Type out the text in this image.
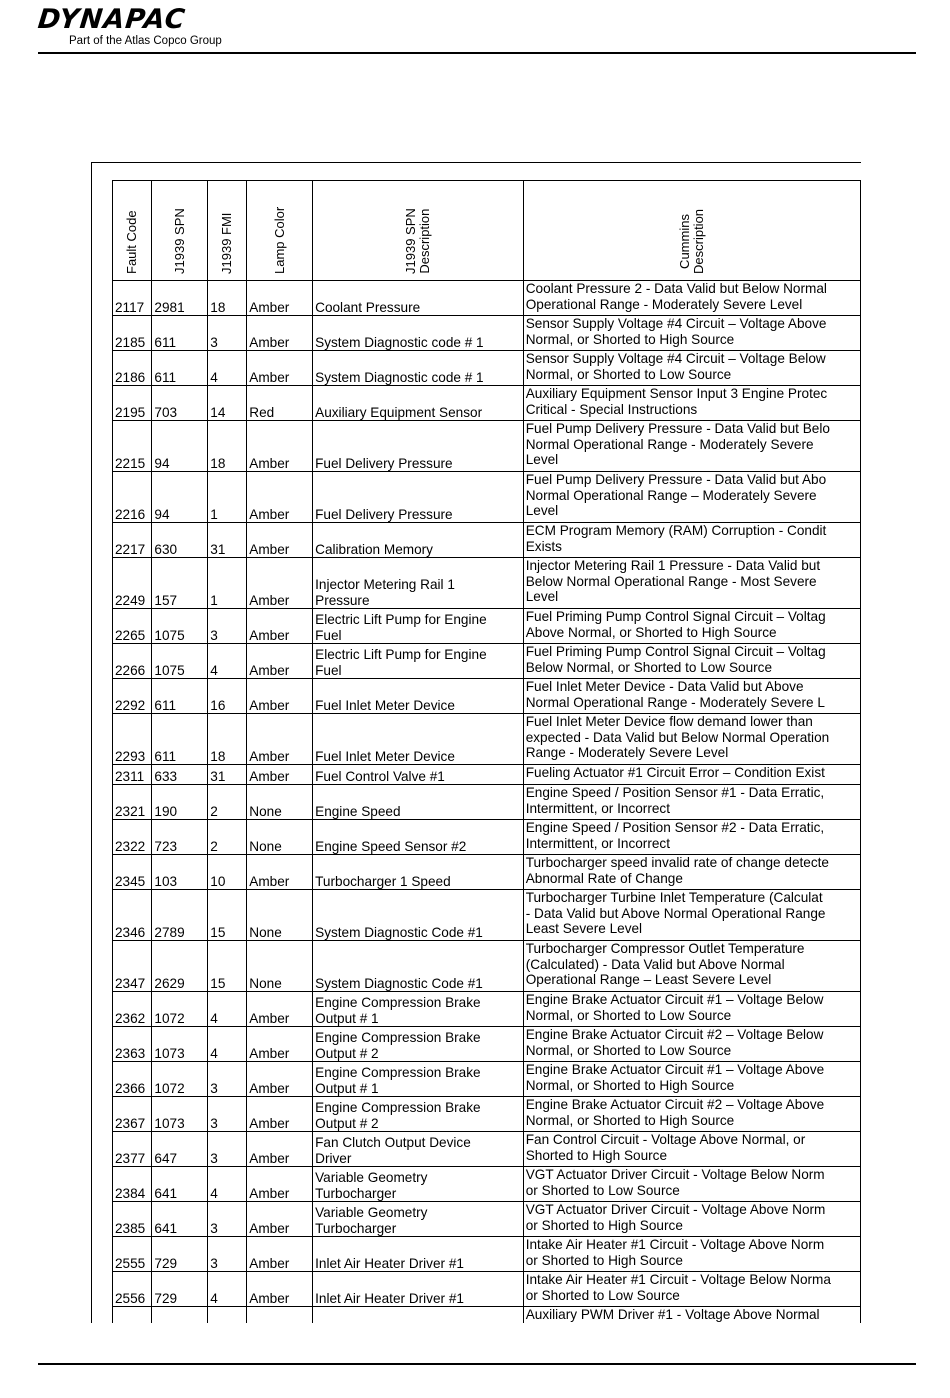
DYNAPAC
Part of the Atlas Copco Group
Fault Code	J1939 SPN	J1939 FMI	Lamp Color	J1939 SPN Description	Cummins Description

2117	2981	18	Amber	Coolant Pressure	Coolant Pressure 2 - Data Valid but Below Normal
Operational Range - Moderately Severe Level

2185	611	3	Amber	System Diagnostic code # 1	Sensor Supply Voltage #4 Circuit – Voltage Above
Normal, or Shorted to High Source

2186	611	4	Amber	System Diagnostic code # 1	Sensor Supply Voltage #4 Circuit – Voltage Below
Normal, or Shorted to Low Source

2195	703	14	Red	Auxiliary Equipment Sensor	Auxiliary Equipment Sensor Input 3 Engine Protec
Critical - Special Instructions

2215	94	18	Amber	Fuel Delivery Pressure	Fuel Pump Delivery Pressure - Data Valid but Belo
Normal Operational Range - Moderately Severe
Level

2216	94	1	Amber	Fuel Delivery Pressure	Fuel Pump Delivery Pressure - Data Valid but Abo
Normal Operational Range – Moderately Severe
Level

2217	630	31	Amber	Calibration Memory	ECM Program Memory (RAM) Corruption - Condit
Exists

2249	157	1	Amber	Injector Metering Rail 1
Pressure	Injector Metering Rail 1 Pressure - Data Valid but
Below Normal Operational Range - Most Severe
Level

2265	1075	3	Amber	Electric Lift Pump for Engine
Fuel	Fuel Priming Pump Control Signal Circuit – Voltag
Above Normal, or Shorted to High Source

2266	1075	4	Amber	Electric Lift Pump for Engine
Fuel	Fuel Priming Pump Control Signal Circuit – Voltag
Below Normal, or Shorted to Low Source

2292	611	16	Amber	Fuel Inlet Meter Device	Fuel Inlet Meter Device - Data Valid but Above
Normal Operational Range - Moderately Severe L

2293	611	18	Amber	Fuel Inlet Meter Device	Fuel Inlet Meter Device flow demand lower than
expected - Data Valid but Below Normal Operation
Range - Moderately Severe Level

2311	633	31	Amber	Fuel Control Valve #1	Fueling Actuator #1 Circuit Error – Condition Exist

2321	190	2	None	Engine Speed	Engine Speed / Position Sensor #1 - Data Erratic,
Intermittent, or Incorrect

2322	723	2	None	Engine Speed Sensor #2	Engine Speed / Position Sensor #2 - Data Erratic,
Intermittent, or Incorrect

2345	103	10	Amber	Turbocharger 1 Speed	Turbocharger speed invalid rate of change detecte
Abnormal Rate of Change

2346	2789	15	None	System Diagnostic Code #1	Turbocharger Turbine Inlet Temperature (Calculat
- Data Valid but Above Normal Operational Range
Least Severe Level

2347	2629	15	None	System Diagnostic Code #1	Turbocharger Compressor Outlet Temperature
(Calculated) - Data Valid but Above Normal
Operational Range – Least Severe Level

2362	1072	4	Amber	Engine Compression Brake
Output # 1	Engine Brake Actuator Circuit #1 – Voltage Below
Normal, or Shorted to Low Source

2363	1073	4	Amber	Engine Compression Brake
Output # 2	Engine Brake Actuator Circuit #2 – Voltage Below
Normal, or Shorted to Low Source

2366	1072	3	Amber	Engine Compression Brake
Output # 1	Engine Brake Actuator Circuit #1 – Voltage Above
Normal, or Shorted to High Source

2367	1073	3	Amber	Engine Compression Brake
Output # 2	Engine Brake Actuator Circuit #2 – Voltage Above
Normal, or Shorted to High Source

2377	647	3	Amber	Fan Clutch Output Device
Driver	Fan Control Circuit - Voltage Above Normal, or
Shorted to High Source

2384	641	4	Amber	Variable Geometry
Turbocharger	VGT Actuator Driver Circuit - Voltage Below Norm
or Shorted to Low Source

2385	641	3	Amber	Variable Geometry
Turbocharger	VGT Actuator Driver Circuit - Voltage Above Norm
or Shorted to High Source

2555	729	3	Amber	Inlet Air Heater Driver #1	Intake Air Heater #1 Circuit - Voltage Above Norm
or Shorted to High Source

2556	729	4	Amber	Inlet Air Heater Driver #1	Intake Air Heater #1 Circuit - Voltage Below Norma
or Shorted to Low Source

					Auxiliary PWM Driver #1 - Voltage Above Normal
